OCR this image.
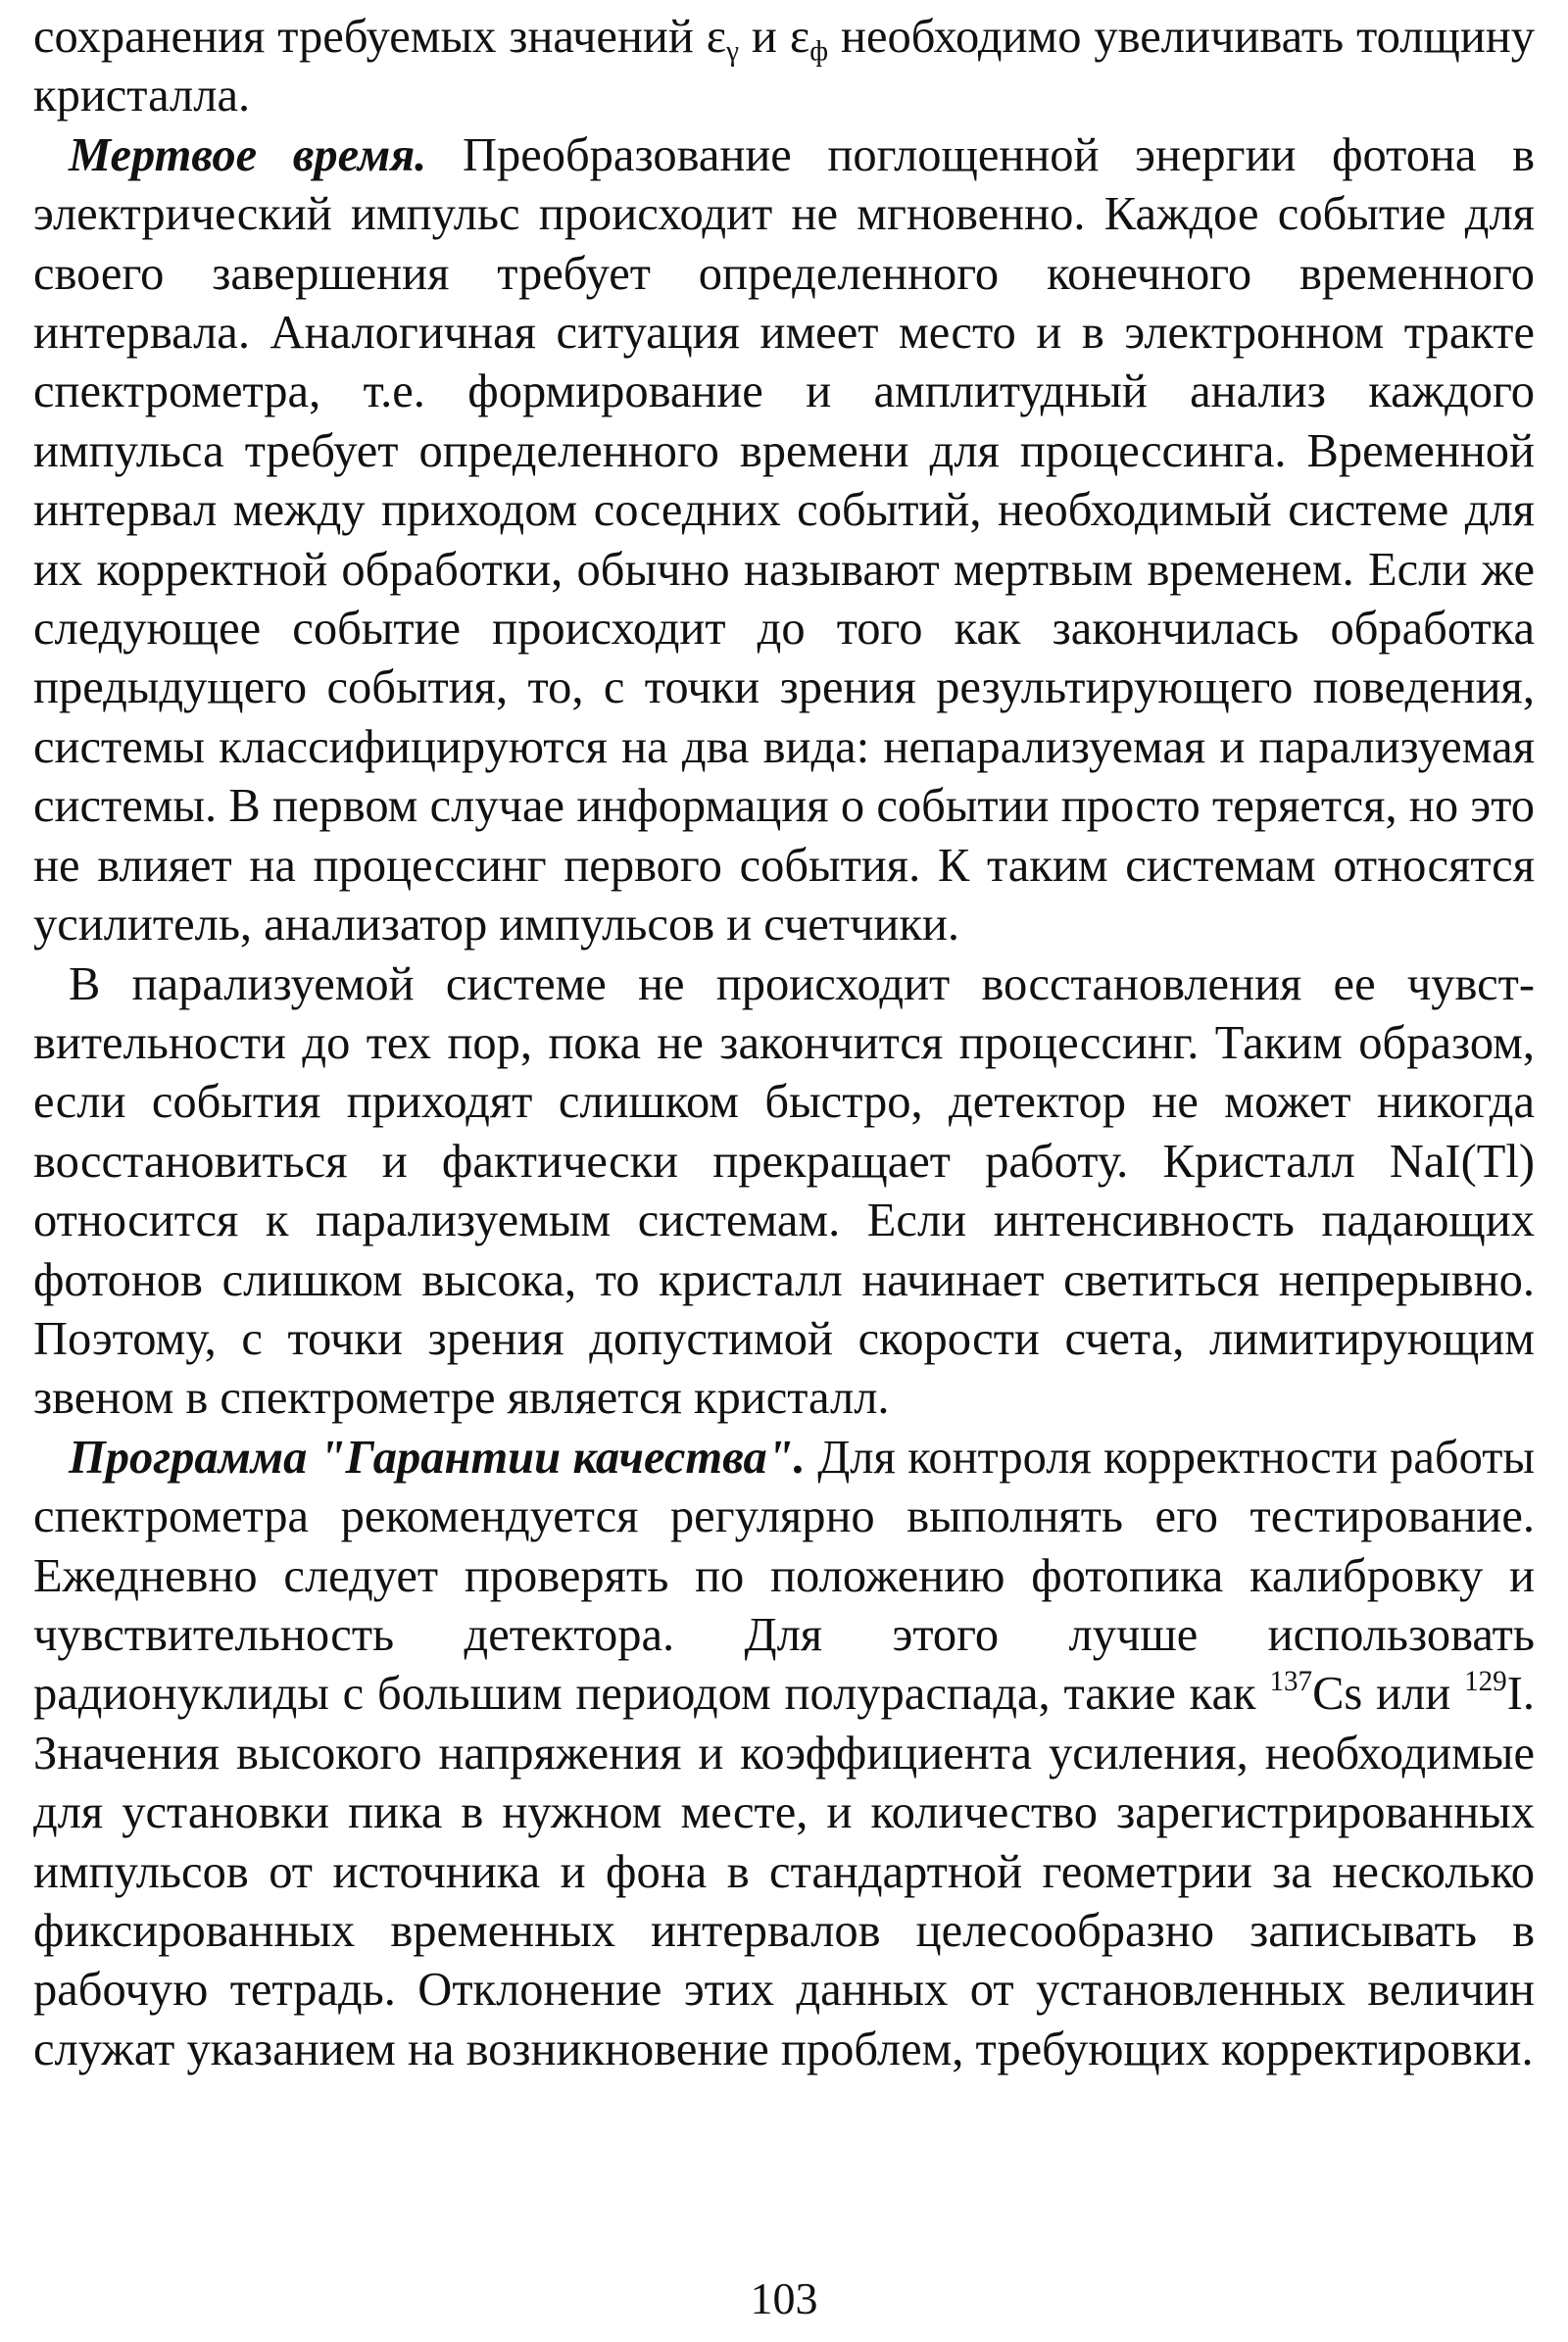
сохранения требуемых значений $\varepsilon_\gamma$ и $\varepsilon_ф$ необходимо увеличивать толщину кристалла.

Мертвое время. Преобразование поглощенной энергии фотона в электрический импульс происходит не мгновенно. Каждое событие для своего завершения требует определенного конечного временного интервала. Аналогичная ситуация имеет место и в электронном тракте спектрометра, т.е. формирование и амплитудный анализ каждого импульса требует определенного времени для процессинга. Временной интервал между приходом соседних событий, необходимый системе для их корректной обработки, обычно называют мертвым временем. Если же следующее событие происходит до того как закончилась обработка предыдущего события, то, с точки зрения результирующего поведения, системы классифицируются на два вида: непарализуемая и парализуемая системы. В первом случае информация о событии просто теряется, но это не влияет на процессинг первого события. К таким системам относятся усилитель, анализатор импульсов и счетчики.

В парализуемой системе не происходит восстановления ее чувствительности до тех пор, пока не закончится процессинг. Таким образом, если события приходят слишком быстро, детектор не может никогда восстановиться и фактически прекращает работу. Кристалл NaI(Tl) относится к парализуемым системам. Если интенсивность падающих фотонов слишком высока, то кристалл начинает светиться непрерывно. Поэтому, с точки зрения допустимой скорости счета, лимитирующим звеном в спектрометре является кристалл.

Программа "Гарантии качества". Для контроля корректности работы спектрометра рекомендуется регулярно выполнять его тестирование. Ежедневно следует проверять по положению фотопика калибровку и чувствительность детектора. Для этого лучше использовать радионуклиды с большим периодом полураспада, такие как $^{137}$Cs или $^{129}$I. Значения высокого напряжения и коэффициента усиления, необходимые для установки пика в нужном месте, и количество зарегистрированных импульсов от источника и фона в стандартной геометрии за несколько фиксированных временных интервалов целесообразно записывать в рабочую тетрадь. Отклонение этих данных от установленных величин служат указанием на возникновение проблем, требующих корректировки.

103
